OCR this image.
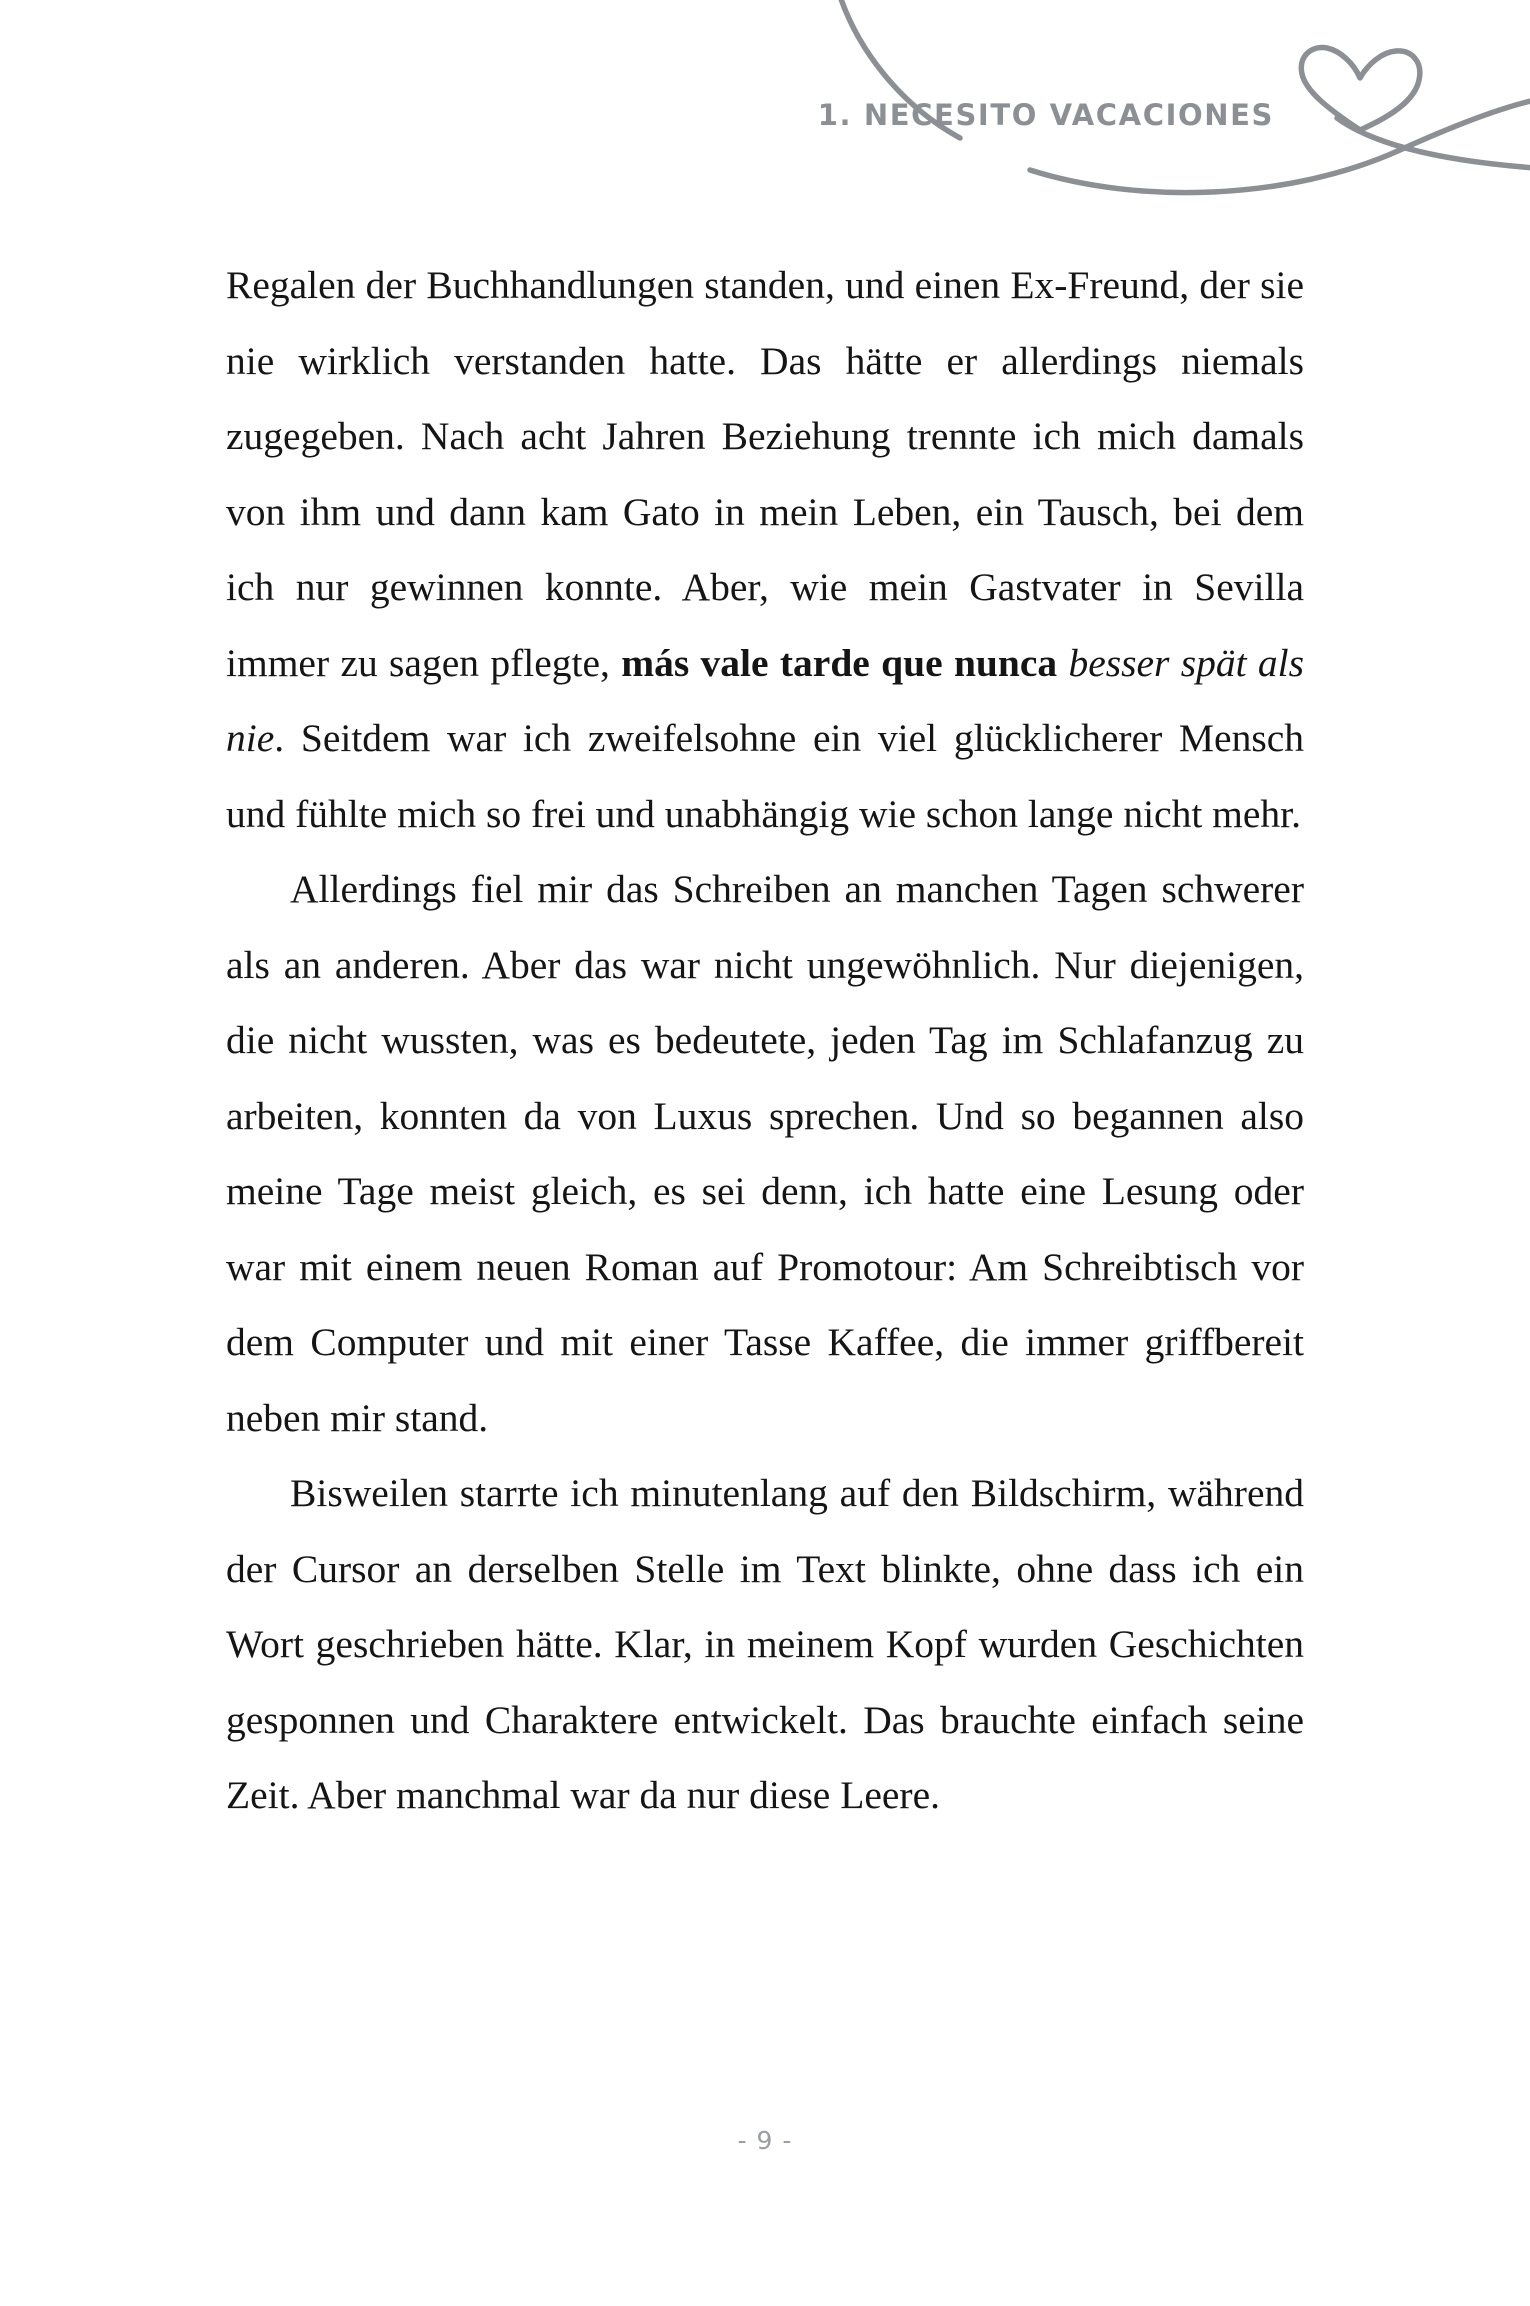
1. NECESITO VACACIONES

Regalen der Buchhandlungen standen, und einen Ex-Freund, der sie nie wirklich verstanden hatte. Das hätte er allerdings niemals zugegeben. Nach acht Jahren Beziehung trennte ich mich damals von ihm und dann kam Gato in mein Leben, ein Tausch, bei dem ich nur gewinnen konnte. Aber, wie mein Gastvater in Sevilla immer zu sagen pflegte, más vale tarde que nunca besser spät als nie. Seitdem war ich zweifelsohne ein viel glücklicherer Mensch und fühlte mich so frei und unabhängig wie schon lange nicht mehr.

Allerdings fiel mir das Schreiben an manchen Tagen schwerer als an anderen. Aber das war nicht ungewöhnlich. Nur diejenigen, die nicht wussten, was es bedeutete, jeden Tag im Schlafanzug zu arbeiten, konnten da von Luxus sprechen. Und so begannen also meine Tage meist gleich, es sei denn, ich hatte eine Lesung oder war mit einem neuen Roman auf Promotour: Am Schreibtisch vor dem Computer und mit einer Tasse Kaffee, die immer griffbereit neben mir stand.

Bisweilen starrte ich minutenlang auf den Bildschirm, während der Cursor an derselben Stelle im Text blinkte, ohne dass ich ein Wort geschrieben hätte. Klar, in meinem Kopf wurden Geschichten gesponnen und Charaktere entwickelt. Das brauchte einfach seine Zeit. Aber manchmal war da nur diese Leere.

- 9 -
